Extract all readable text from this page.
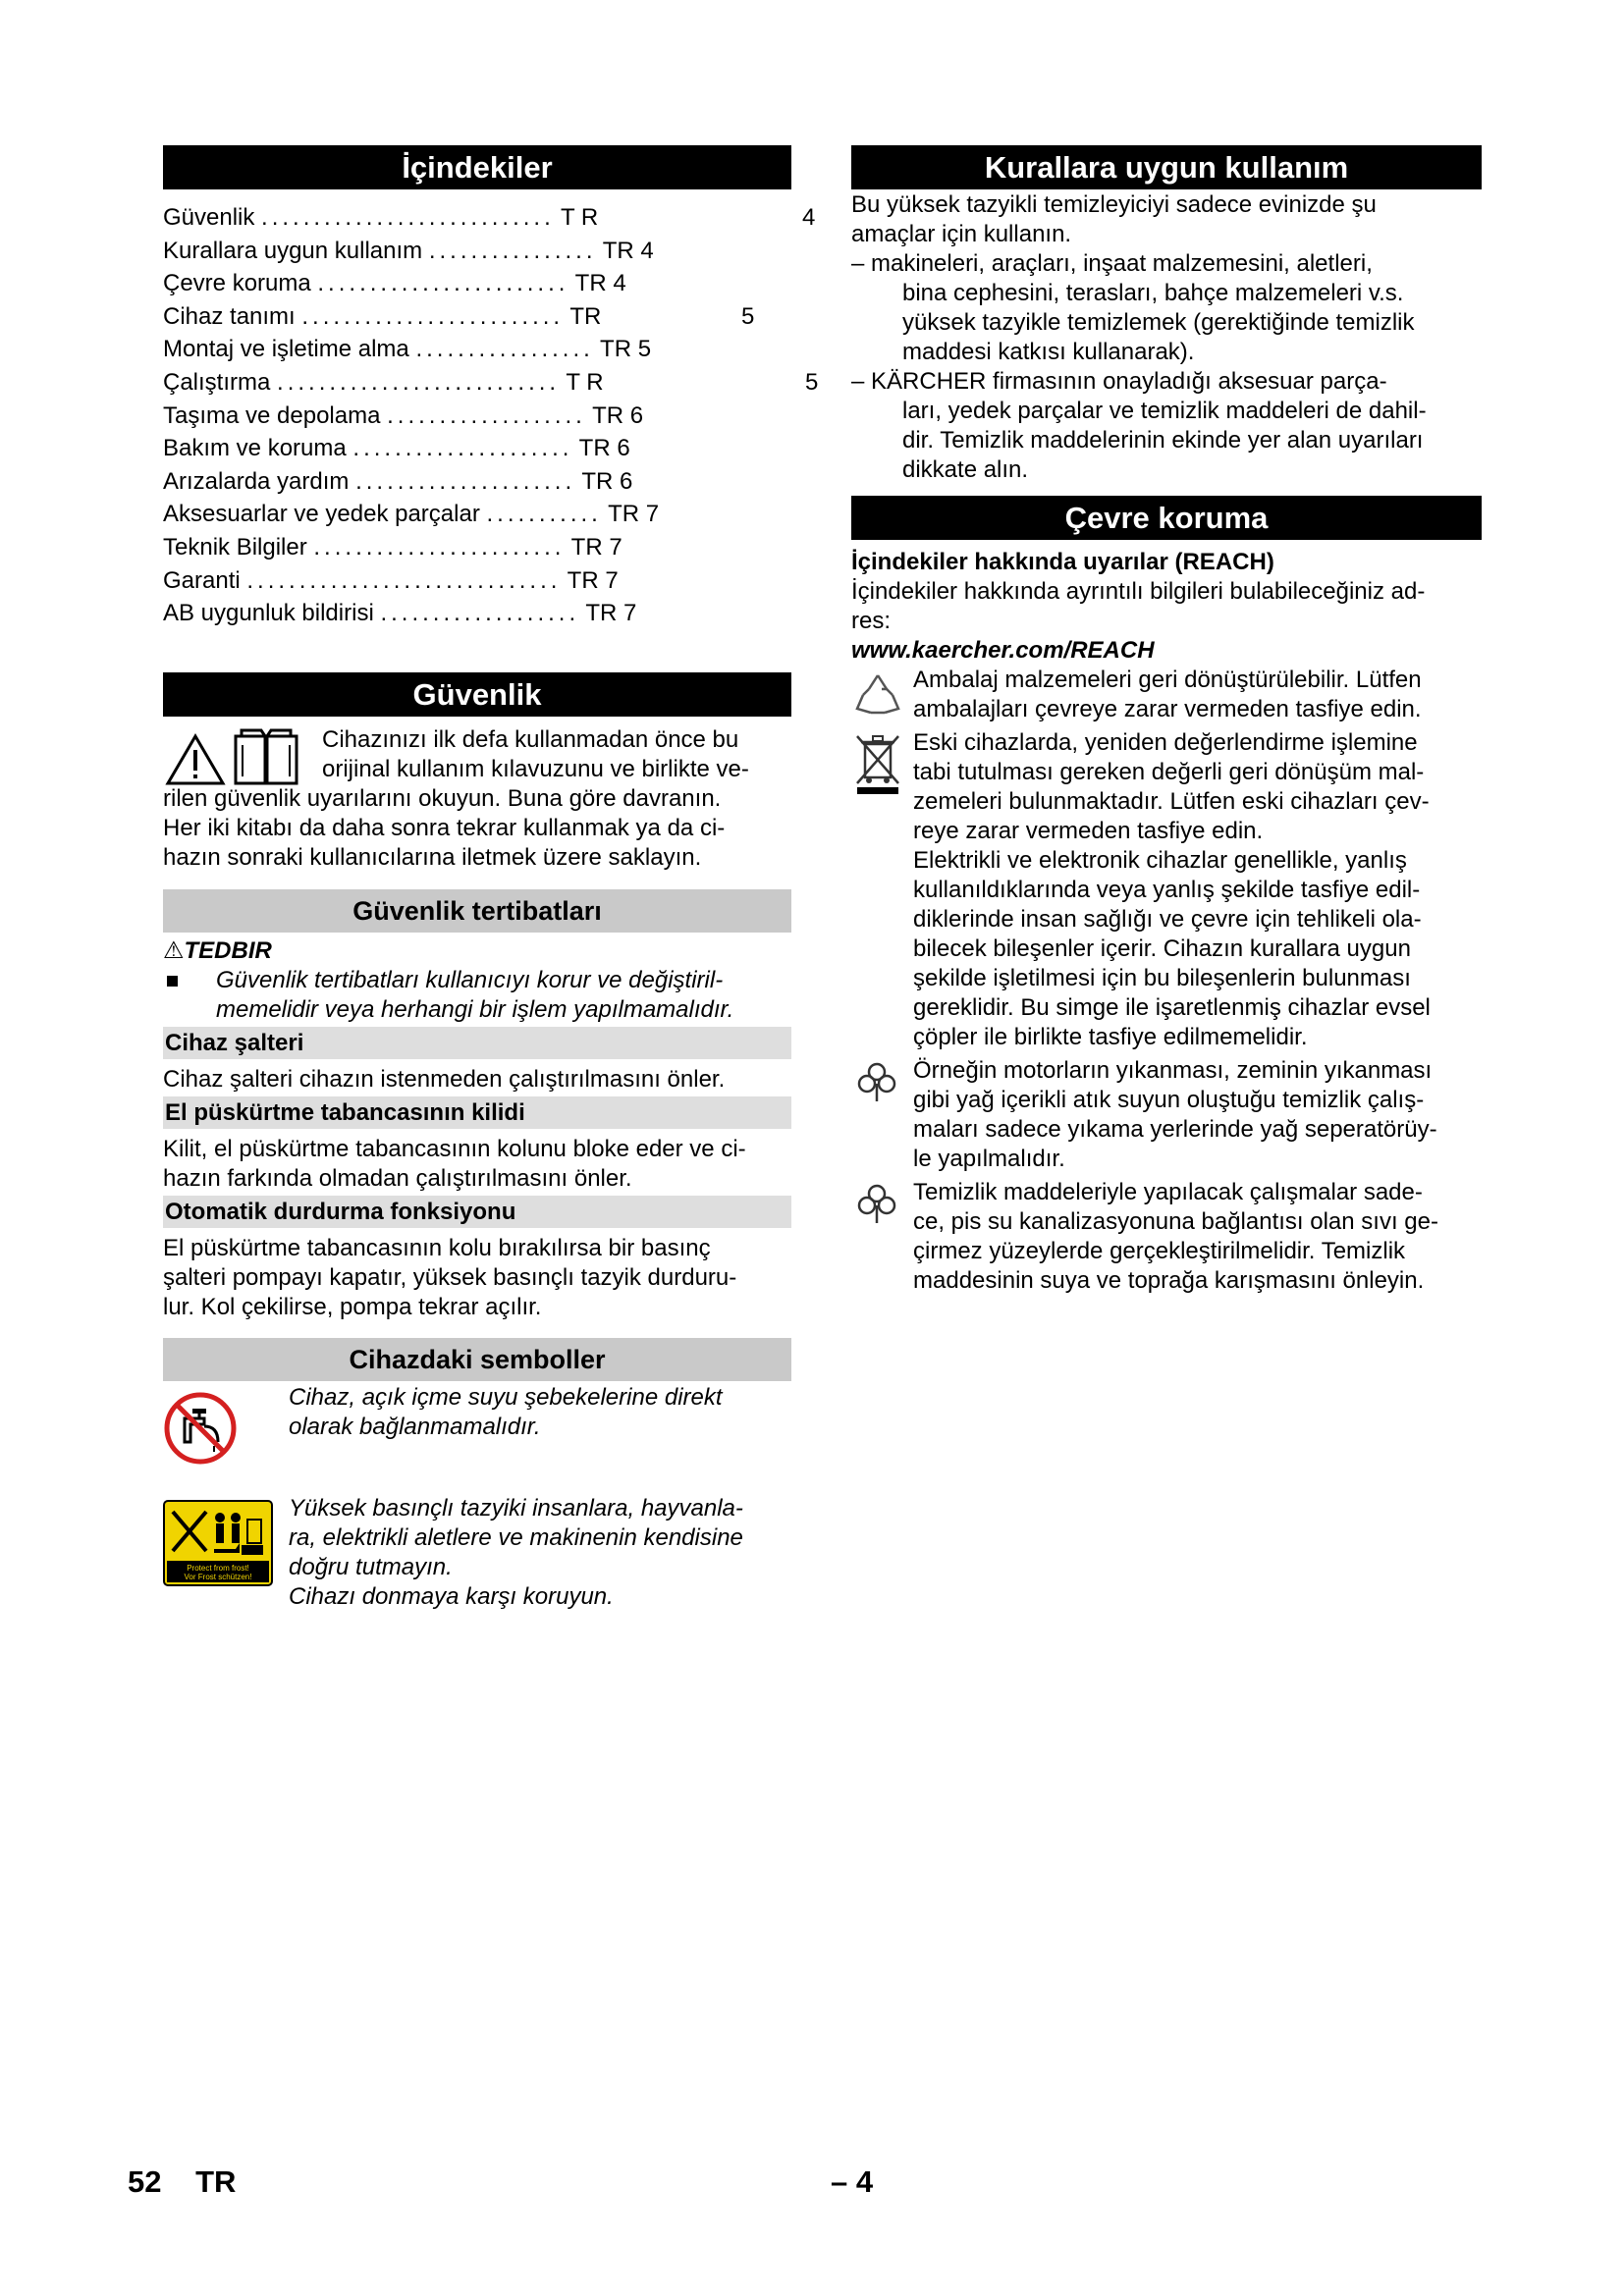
İçindekiler
Güvenlik ............................ T R	4
Kurallara uygun kullanım ................ TR 4
Çevre koruma ........................ TR 4
Cihaz tanımı ......................... TR	5
Montaj ve işletime alma ................. TR 5
Çalıştırma ........................... T R	5
Taşıma ve depolama ................... TR 6
Bakım ve koruma ..................... TR 6
Arızalarda yardım ..................... TR 6
Aksesuarlar ve yedek parçalar ........... TR 7
Teknik Bilgiler ........................ TR 7
Garanti .............................. TR 7
AB uygunluk bildirisi ................... TR 7
Güvenlik
Cihazınızı ilk defa kullanmadan önce bu
orijinal kullanım kılavuzunu ve birlikte ve-
rilen güvenlik uyarılarını okuyun. Buna göre davranın.
Her iki kitabı da daha sonra tekrar kullanmak ya da ci-
hazın sonraki kullanıcılarına iletmek üzere saklayın.
Güvenlik tertibatları
⚠TEDBIR
Güvenlik tertibatları kullanıcıyı korur ve değiştiril-
memelidir veya herhangi bir işlem yapılmamalıdır.
Cihaz şalteri
Cihaz şalteri cihazın istenmeden çalıştırılmasını önler.
El püskürtme tabancasının kilidi
Kilit, el püskürtme tabancasının kolunu bloke eder ve ci-
hazın farkında olmadan çalıştırılmasını önler.
Otomatik durdurma fonksiyonu
El püskürtme tabancasının kolu bırakılırsa bir basınç
şalteri pompayı kapatır, yüksek basınçlı tazyik durduru-
lur. Kol çekilirse, pompa tekrar açılır.
Cihazdaki semboller
Cihaz, açık içme suyu şebekelerine direkt
olarak bağlanmamalıdır.
Protect from frost!
Vor Frost schützen!
Yüksek basınçlı tazyiki insanlara, hayvanla-
ra, elektrikli aletlere ve makinenin kendisine
doğru tutmayın.
Cihazı donmaya karşı koruyun.
Kurallara uygun kullanım
Bu yüksek tazyikli temizleyiciyi sadece evinizde şu
amaçlar için kullanın.
– makineleri, araçları, inşaat malzemesini, aletleri,
bina cephesini, terasları, bahçe malzemeleri v.s.
yüksek tazyikle temizlemek (gerektiğinde temizlik
maddesi katkısı kullanarak).
– KÄRCHER firmasının onayladığı aksesuar parça-
ları, yedek parçalar ve temizlik maddeleri de dahil-
dir. Temizlik maddelerinin ekinde yer alan uyarıları
dikkate alın.
Çevre koruma
İçindekiler hakkında uyarılar (REACH)
İçindekiler hakkında ayrıntılı bilgileri bulabileceğiniz ad-
res:
www.kaercher.com/REACH
Ambalaj malzemeleri geri dönüştürülebilir. Lütfen
ambalajları çevreye zarar vermeden tasfiye edin.
Eski cihazlarda, yeniden değerlendirme işlemine
tabi tutulması gereken değerli geri dönüşüm mal-
zemeleri bulunmaktadır. Lütfen eski cihazları çev-
reye zarar vermeden tasfiye edin.
Elektrikli ve elektronik cihazlar genellikle, yanlış
kullanıldıklarında veya yanlış şekilde tasfiye edil-
diklerinde insan sağlığı ve çevre için tehlikeli ola-
bilecek bileşenler içerir. Cihazın kurallara uygun
şekilde işletilmesi için bu bileşenlerin bulunması
gereklidir. Bu simge ile işaretlenmiş cihazlar evsel
çöpler ile birlikte tasfiye edilmemelidir.
Örneğin motorların yıkanması, zeminin yıkanması
gibi yağ içerikli atık suyun oluştuğu temizlik çalış-
maları sadece yıkama yerlerinde yağ seperatörüy-
le yapılmalıdır.
Temizlik maddeleriyle yapılacak çalışmalar sade-
ce, pis su kanalizasyonuna bağlantısı olan sıvı ge-
çirmez yüzeylerde gerçekleştirilmelidir. Temizlik
maddesinin suya ve toprağa karışmasını önleyin.
52 TR	– 4
